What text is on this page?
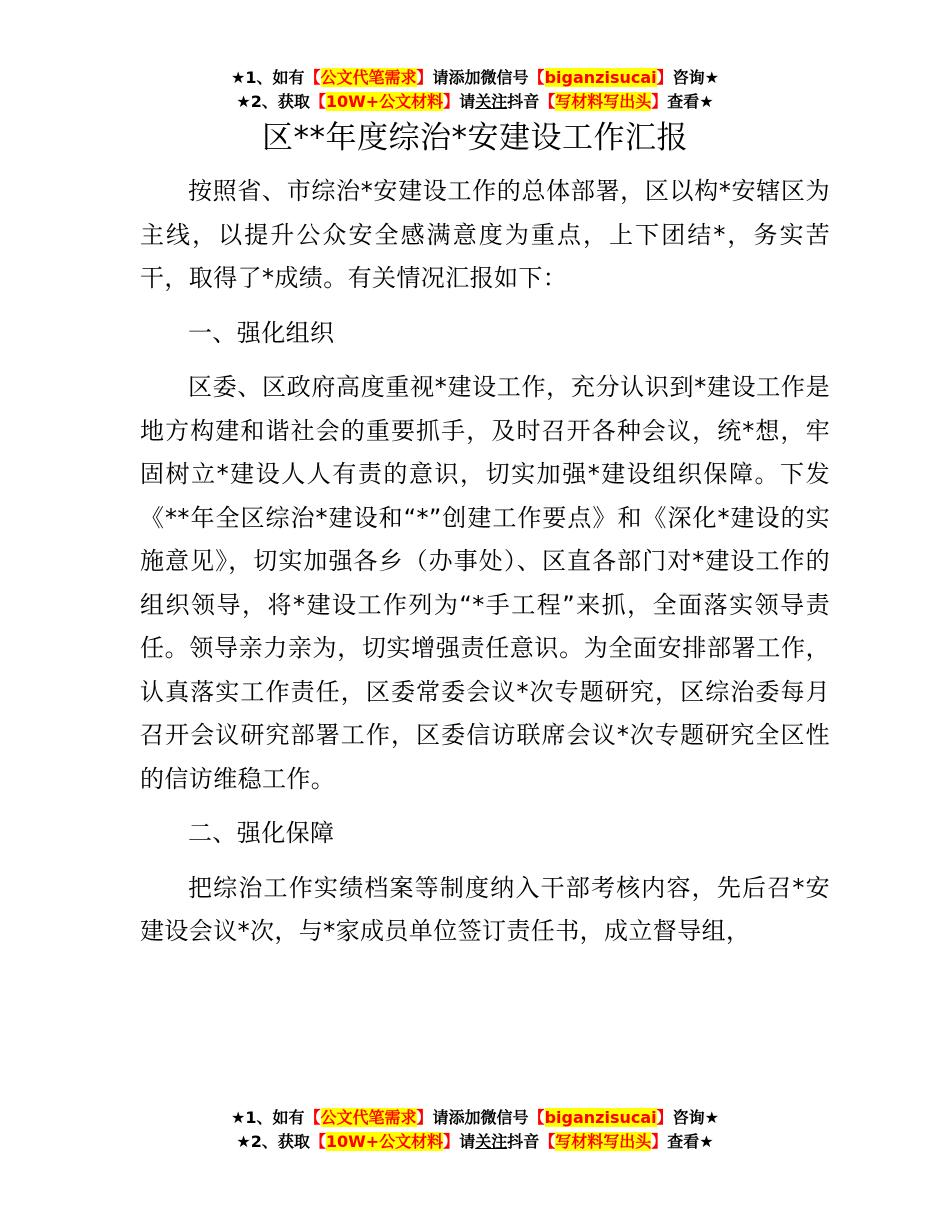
★1、如有【公文代笔需求】请添加微信号【biganzisucai】咨询★
★2、获取【10W+公文材料】请关注抖音【写材料写出头】查看★
区**年度综治*安建设工作汇报

按照省、市综治*安建设工作的总体部署，区以构*安辖区为主线，以提升公众安全感满意度为重点，上下团结*，务实苦干，取得了*成绩。有关情况汇报如下：

一、强化组织

区委、区政府高度重视*建设工作，充分认识到*建设工作是地方构建和谐社会的重要抓手，及时召开各种会议，统*想，牢固树立*建设人人有责的意识，切实加强*建设组织保障。下发《**年全区综治*建设和“*”创建工作要点》和《深化*建设的实施意见》，切实加强各乡（办事处）、区直各部门对*建设工作的组织领导，将*建设工作列为“*手工程”来抓，全面落实领导责任。领导亲力亲为，切实增强责任意识。为全面安排部署工作，认真落实工作责任，区委常委会议*次专题研究，区综治委每月召开会议研究部署工作，区委信访联席会议*次专题研究全区性的信访维稳工作。

二、强化保障

把综治工作实绩档案等制度纳入干部考核内容，先后召*安建设会议*次，与*家成员单位签订责任书，成立督导组，

★1、如有【公文代笔需求】请添加微信号【biganzisucai】咨询★
★2、获取【10W+公文材料】请关注抖音【写材料写出头】查看★
